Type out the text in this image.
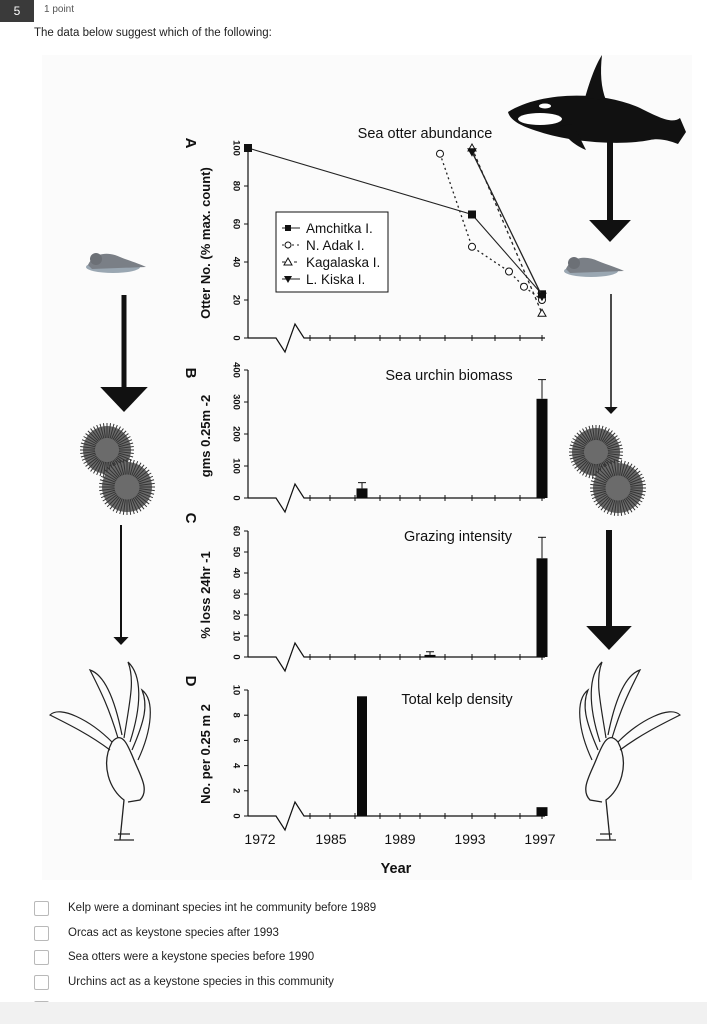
5	1 point
The data below suggest which of the following:
100
80
60
40
20
0
A
Otter No. (% max. count)
Sea otter abundance
Amchitka I.
N. Adak I.
Kagalaska I.
L. Kiska I.
400
300
200
100
0
B
gms 0.25m -2
Sea urchin biomass
60
50
40
30
20
10
0
C
% loss 24hr -1
Grazing intensity
10
8
6
4
2
0
D
No. per 0.25 m 2
Total kelp density
1972	1985	1989	1993	1997
Year
Kelp were a dominant species int he community before 1989
Orcas act as keystone species after 1993
Sea otters were a keystone species before 1990
Urchins act as a keystone species in this community
